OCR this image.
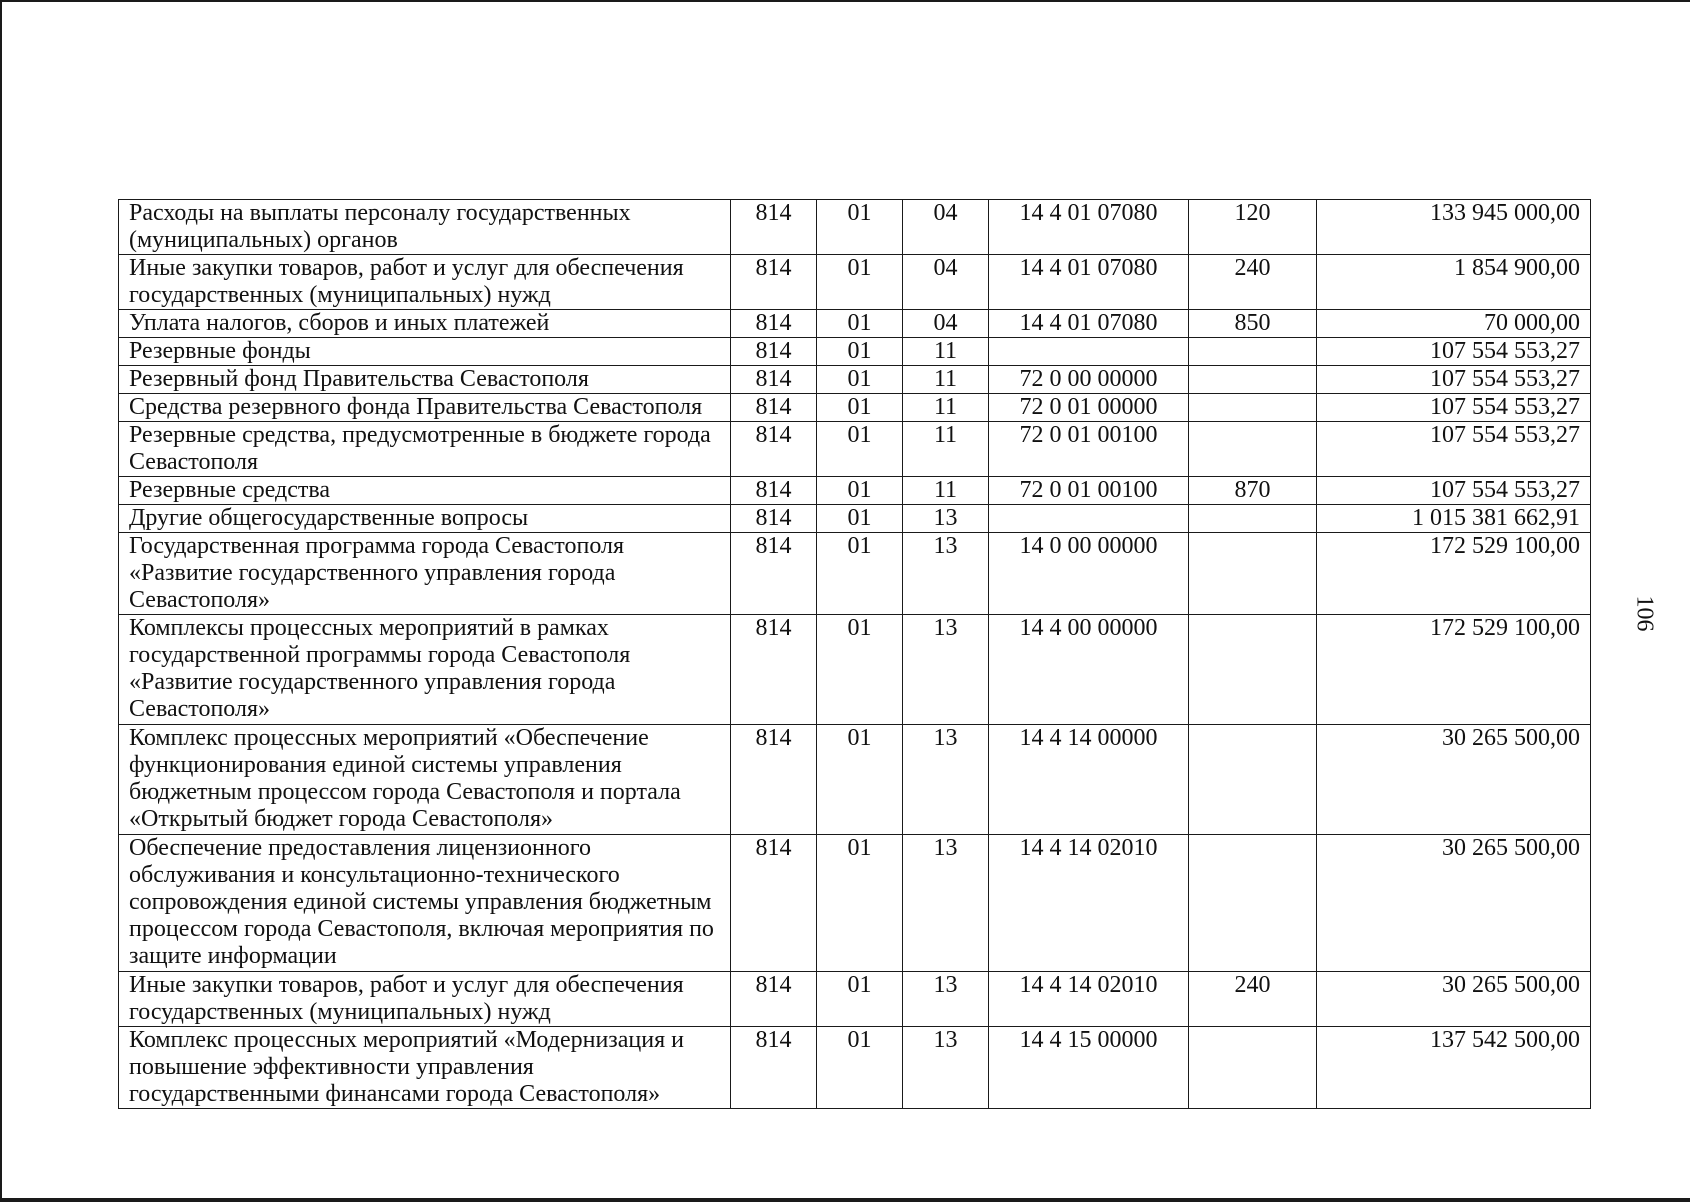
Расходы на выплаты персоналу государственных (муниципальных) органов	814	01	04	14 4 01 07080	120	133 945 000,00
Иные закупки товаров, работ и услуг для обеспечения государственных (муниципальных) нужд	814	01	04	14 4 01 07080	240	1 854 900,00
Уплата налогов, сборов и иных платежей	814	01	04	14 4 01 07080	850	70 000,00
Резервные фонды	814	01	11			107 554 553,27
Резервный фонд Правительства Севастополя	814	01	11	72 0 00 00000		107 554 553,27
Средства резервного фонда Правительства Севастополя	814	01	11	72 0 01 00000		107 554 553,27
Резервные средства, предусмотренные в бюджете города Севастополя	814	01	11	72 0 01 00100		107 554 553,27
Резервные средства	814	01	11	72 0 01 00100	870	107 554 553,27
Другие общегосударственные вопросы	814	01	13			1 015 381 662,91
Государственная программа города Севастополя «Развитие государственного управления города Севастополя»	814	01	13	14 0 00 00000		172 529 100,00
Комплексы процессных мероприятий в рамках государственной программы города Севастополя «Развитие государственного управления города Севастополя»	814	01	13	14 4 00 00000		172 529 100,00
Комплекс процессных мероприятий «Обеспечение функционирования единой системы управления бюджетным процессом города Севастополя и портала «Открытый бюджет города Севастополя»	814	01	13	14 4 14 00000		30 265 500,00
Обеспечение предоставления лицензионного обслуживания и консультационно-технического сопровождения единой системы управления бюджетным процессом города Севастополя, включая мероприятия по защите информации	814	01	13	14 4 14 02010		30 265 500,00
Иные закупки товаров, работ и услуг для обеспечения государственных (муниципальных) нужд	814	01	13	14 4 14 02010	240	30 265 500,00
Комплекс процессных мероприятий «Модернизация и повышение эффективности управления государственными финансами города Севастополя»	814	01	13	14 4 15 00000		137 542 500,00
106
